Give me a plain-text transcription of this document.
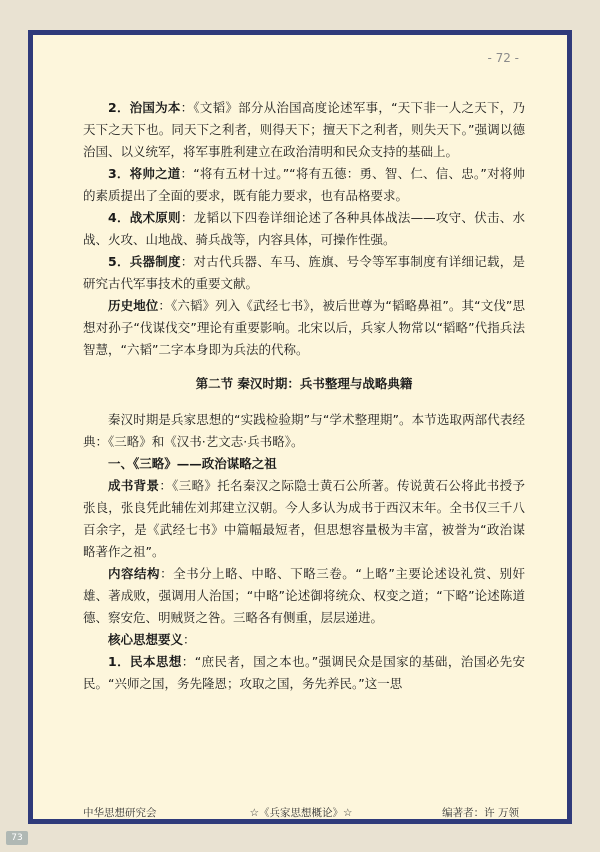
- 72 -

2．治国为本：《文韬》部分从治国高度论述军事，“天下非一人之天下，乃天下之天下也。同天下之利者，则得天下；擅天下之利者，则失天下。”强调以德治国、以义统军，将军事胜利建立在政治清明和民众支持的基础上。

3．将帅之道：“将有五材十过。”“将有五德：勇、智、仁、信、忠。”对将帅的素质提出了全面的要求，既有能力要求，也有品格要求。

4．战术原则：龙韬以下四卷详细论述了各种具体战法——攻守、伏击、水战、火攻、山地战、骑兵战等，内容具体，可操作性强。

5．兵器制度：对古代兵器、车马、旌旗、号令等军事制度有详细记载，是研究古代军事技术的重要文献。

历史地位：《六韬》列入《武经七书》，被后世尊为“韬略鼻祖”。其“文伐”思想对孙子“伐谋伐交”理论有重要影响。北宋以后，兵家人物常以“韬略”代指兵法智慧，“六韬”二字本身即为兵法的代称。

第二节 秦汉时期：兵书整理与战略典籍

秦汉时期是兵家思想的“实践检验期”与“学术整理期”。本节选取两部代表经典：《三略》和《汉书·艺文志·兵书略》。

一、《三略》——政治谋略之祖

成书背景：《三略》托名秦汉之际隐士黄石公所著。传说黄石公将此书授予张良，张良凭此辅佐刘邦建立汉朝。今人多认为成书于西汉末年。全书仅三千八百余字，是《武经七书》中篇幅最短者，但思想容量极为丰富，被誉为“政治谋略著作之祖”。

内容结构：全书分上略、中略、下略三卷。“上略”主要论述设礼赏、别奸雄、著成败，强调用人治国；“中略”论述御将统众、权变之道；“下略”论述陈道德、察安危、明贼贤之咎。三略各有侧重，层层递进。

核心思想要义：

1．民本思想：“庶民者，国之本也。”强调民众是国家的基础，治国必先安民。“兴师之国，务先隆恩；攻取之国，务先养民。”这一思

中华思想研究会	☆《兵家思想概论》☆	编著者：许 万领
73
